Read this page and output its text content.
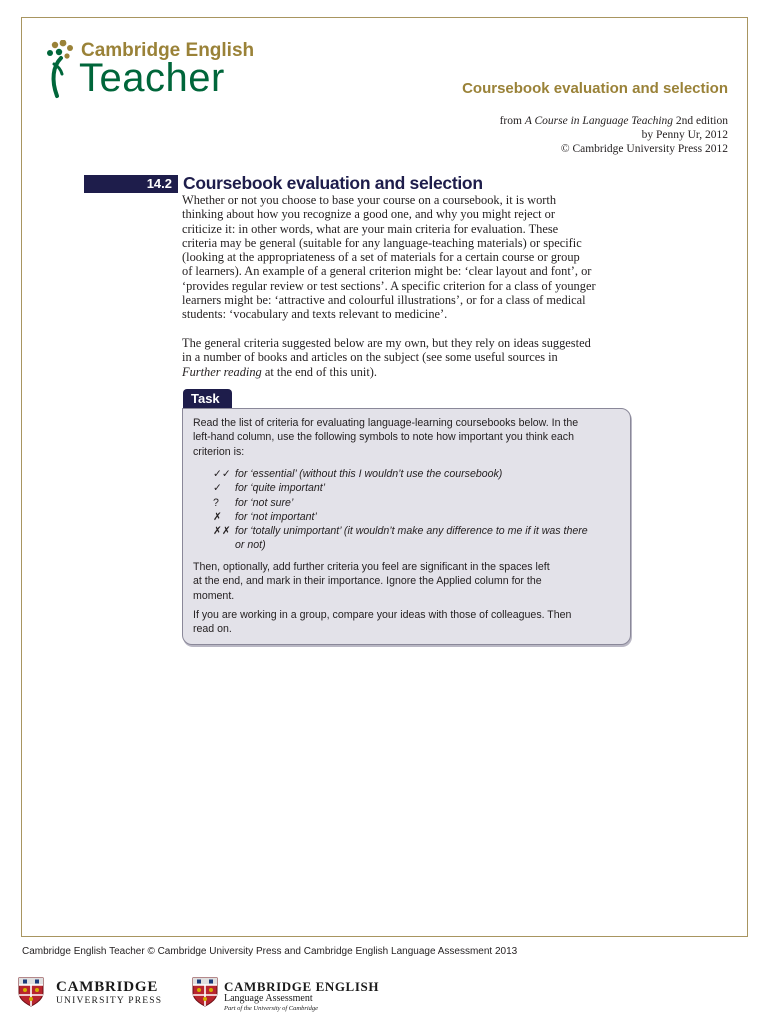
Cambridge English
Teacher	Coursebook evaluation and selection
from A Course in Language Teaching 2nd edition
by Penny Ur, 2012
© Cambridge University Press 2012
14.2 Coursebook evaluation and selection
Whether or not you choose to base your course on a coursebook, it is worth
thinking about how you recognize a good one, and why you might reject or
criticize it: in other words, what are your main criteria for evaluation. These
criteria may be general (suitable for any language-teaching materials) or specific
(looking at the appropriateness of a set of materials for a certain course or group
of learners). An example of a general criterion might be: ‘clear layout and font’, or
‘provides regular review or test sections’. A specific criterion for a class of younger
learners might be: ‘attractive and colourful illustrations’, or for a class of medical
students: ‘vocabulary and texts relevant to medicine’.
The general criteria suggested below are my own, but they rely on ideas suggested
in a number of books and articles on the subject (see some useful sources in
Further reading at the end of this unit).
Task
Read the list of criteria for evaluating language-learning coursebooks below. In the
left-hand column, use the following symbols to note how important you think each
criterion is:
✓✓ for ‘essential’ (without this I wouldn’t use the coursebook)
✓	for ‘quite important’
?	for ‘not sure’
✗	for ‘not important’
✗✗ for ‘totally unimportant’ (it wouldn’t make any difference to me if it was there
or not)
Then, optionally, add further criteria you feel are significant in the spaces left
at the end, and mark in their importance. Ignore the Applied column for the
moment.
If you are working in a group, compare your ideas with those of colleagues. Then
read on.
Cambridge English Teacher © Cambridge University Press and Cambridge English Language Assessment 2013
CAMBRIDGE
UNIVERSITY PRESS
CAMBRIDGE ENGLISH
Language Assessment
Part of the University of Cambridge
